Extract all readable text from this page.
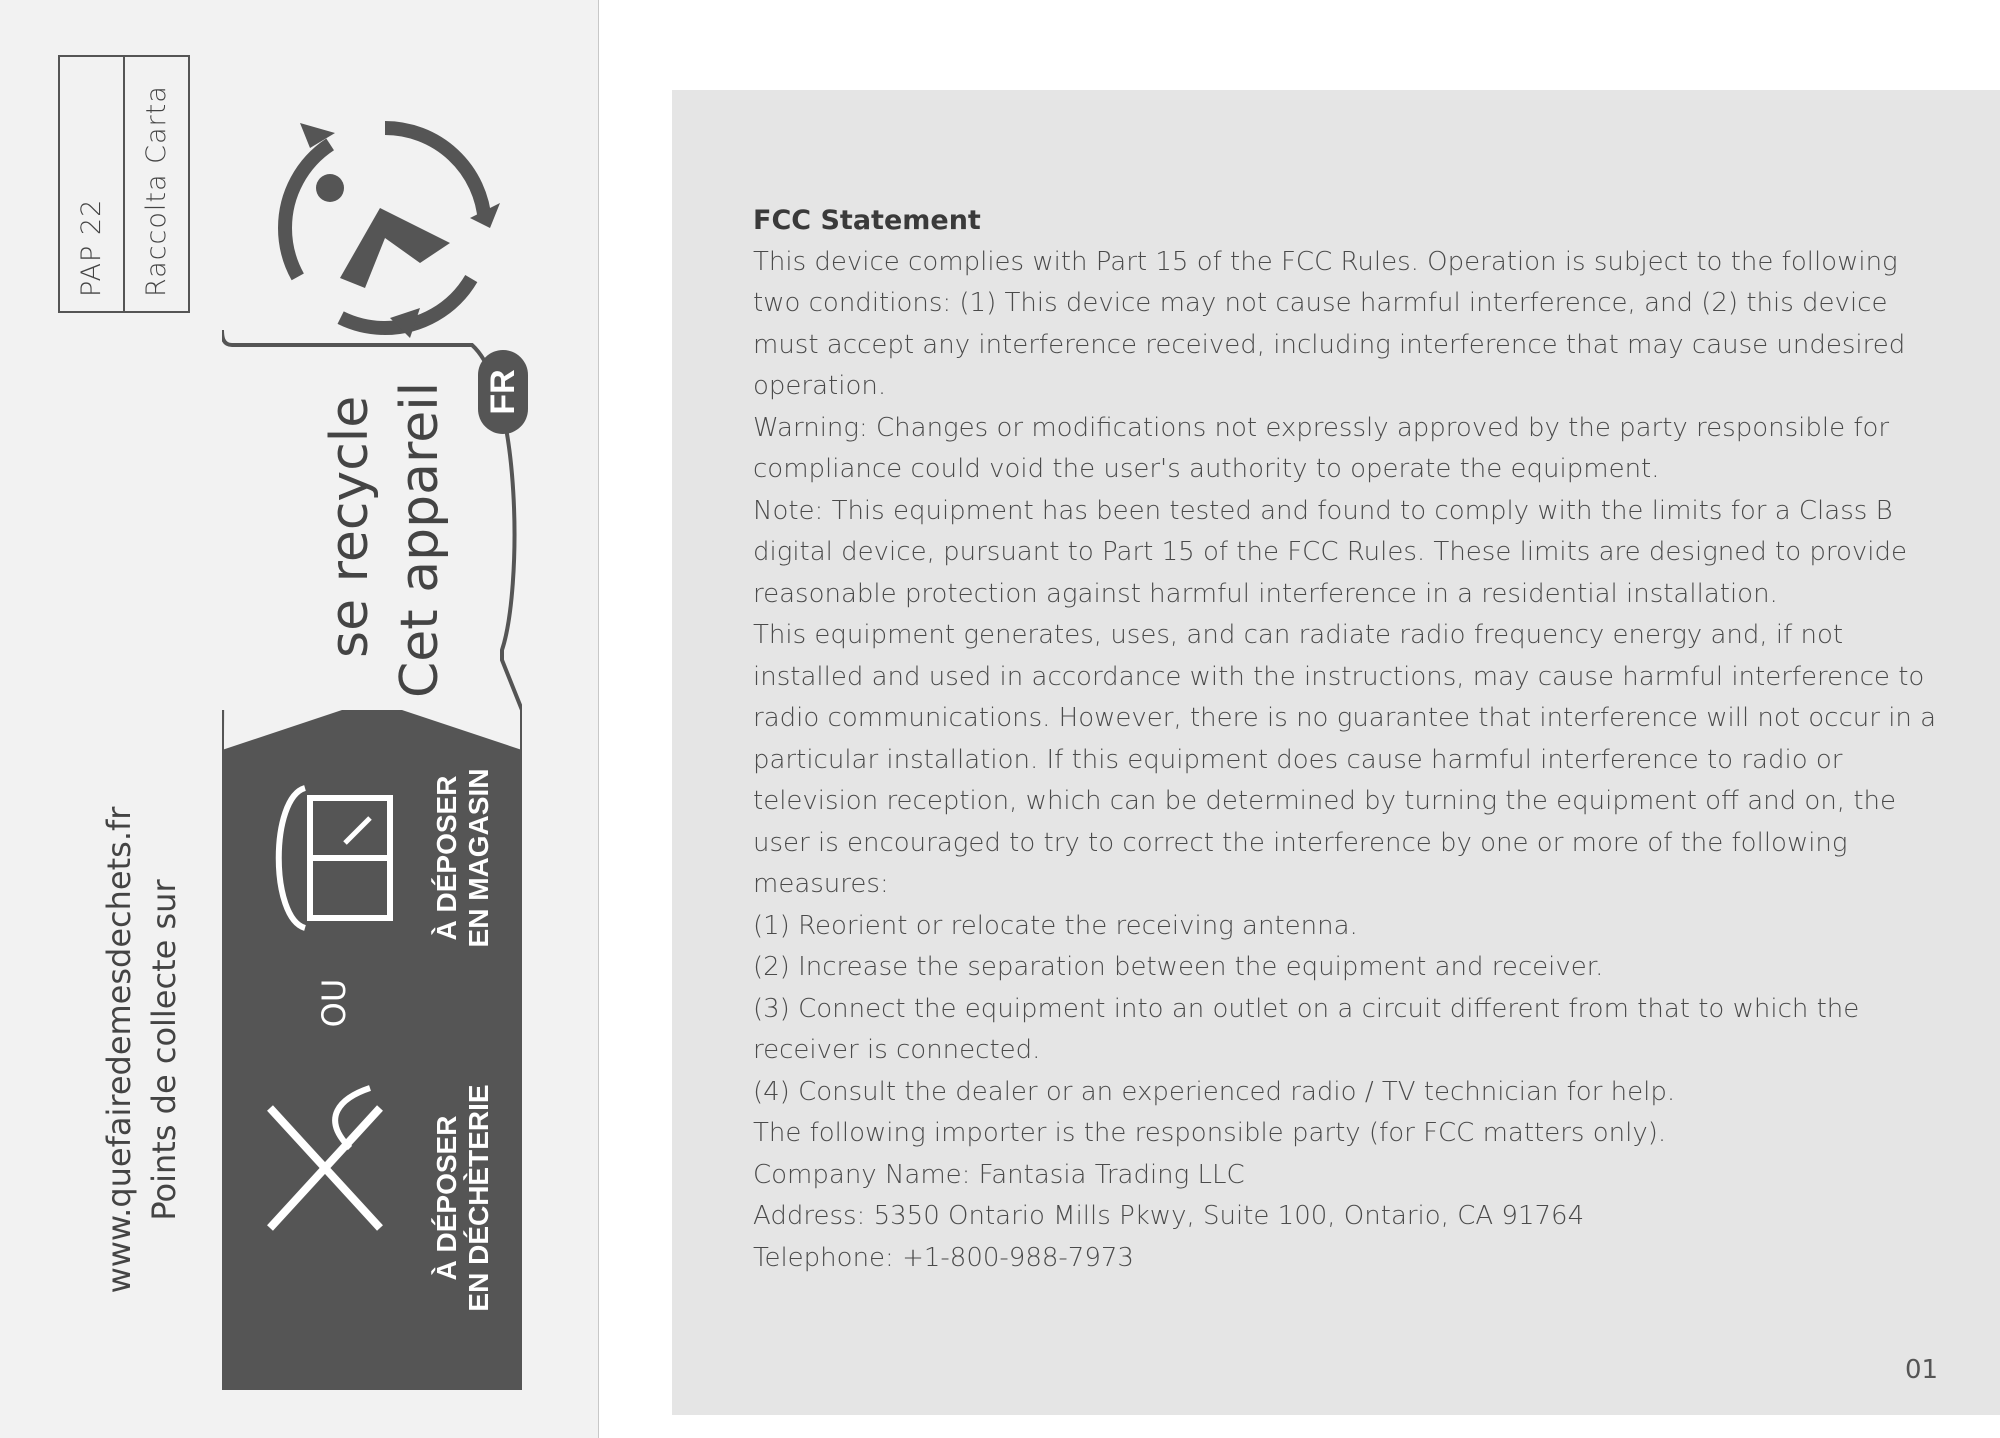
PAP 22	Raccolta Carta
FR
Cet appareil
se recycle
À DÉPOSER EN MAGASIN
OU
À DÉPOSER EN DÉCHÈTERIE
Points de collecte sur
www.quefairedemesdechets.fr

FCC Statement

This device complies with Part 15 of the FCC Rules. Operation is subject to the following two conditions: (1) This device may not cause harmful interference, and (2) this device must accept any interference received, including interference that may cause undesired operation.

Warning: Changes or modifications not expressly approved by the party responsible for compliance could void the user's authority to operate the equipment.

Note: This equipment has been tested and found to comply with the limits for a Class B digital device, pursuant to Part 15 of the FCC Rules. These limits are designed to provide reasonable protection against harmful interference in a residential installation.

This equipment generates, uses, and can radiate radio frequency energy and, if not installed and used in accordance with the instructions, may cause harmful interference to radio communications. However, there is no guarantee that interference will not occur in a particular installation. If this equipment does cause harmful interference to radio or television reception, which can be determined by turning the equipment off and on, the user is encouraged to try to correct the interference by one or more of the following measures:

(1) Reorient or relocate the receiving antenna.

(2) Increase the separation between the equipment and receiver.

(3) Connect the equipment into an outlet on a circuit different from that to which the receiver is connected.

(4) Consult the dealer or an experienced radio / TV technician for help.

The following importer is the responsible party (for FCC matters only).

Company Name: Fantasia Trading LLC

Address: 5350 Ontario Mills Pkwy, Suite 100, Ontario, CA 91764

Telephone: +1-800-988-7973

01
